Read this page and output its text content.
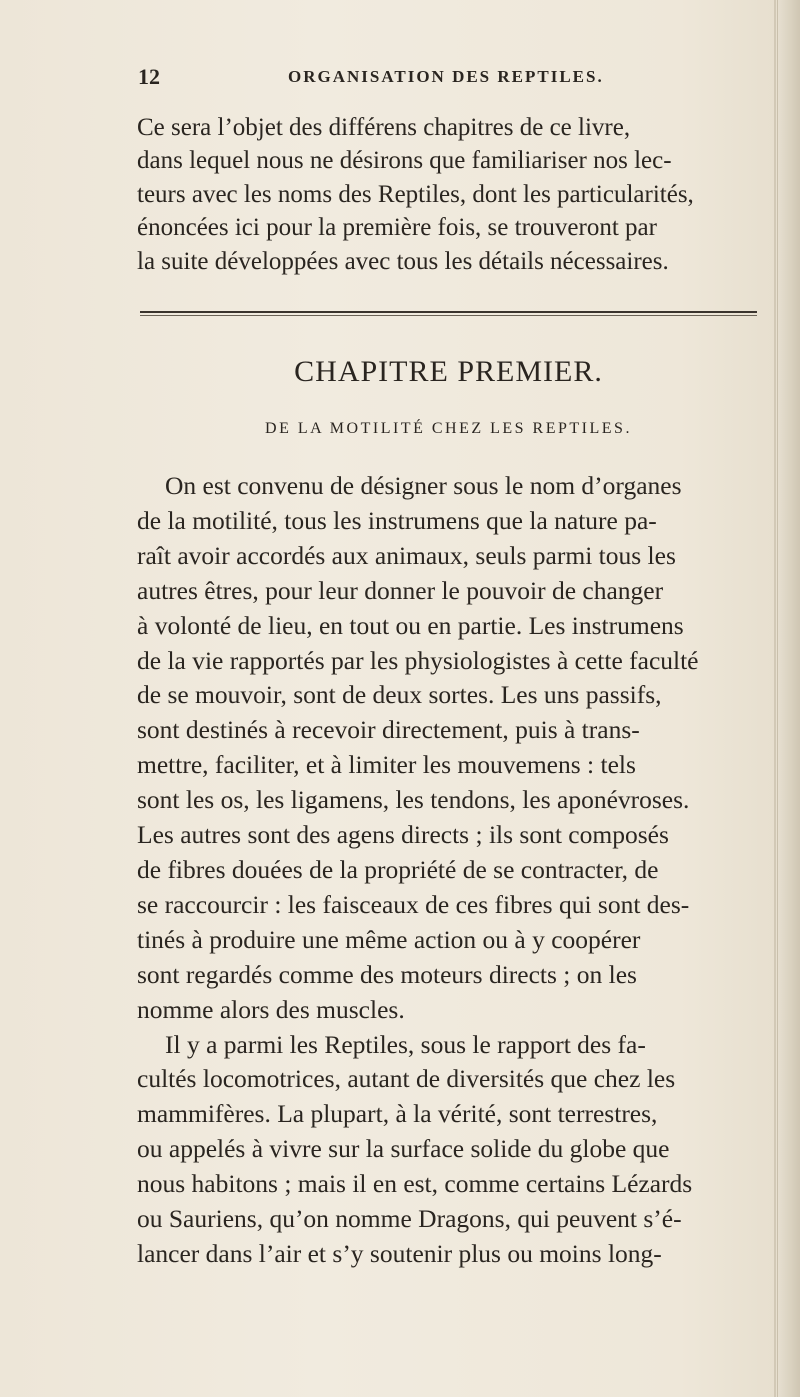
12	ORGANISATION DES REPTILES.
Ce sera l’objet des différens chapitres de ce livre,
dans lequel nous ne désirons que familiariser nos lec-
teurs avec les noms des Reptiles, dont les particularités,
énoncées ici pour la première fois, se trouveront par
la suite développées avec tous les détails nécessaires.
CHAPITRE PREMIER.
DE LA MOTILITÉ CHEZ LES REPTILES.
On est convenu de désigner sous le nom d’organes
de la motilité, tous les instrumens que la nature pa-
raît avoir accordés aux animaux, seuls parmi tous les
autres êtres, pour leur donner le pouvoir de changer
à volonté de lieu, en tout ou en partie. Les instrumens
de la vie rapportés par les physiologistes à cette faculté
de se mouvoir, sont de deux sortes. Les uns passifs,
sont destinés à recevoir directement, puis à trans-
mettre, faciliter, et à limiter les mouvemens : tels
sont les os, les ligamens, les tendons, les aponévroses.
Les autres sont des agens directs ; ils sont composés
de fibres douées de la propriété de se contracter, de
se raccourcir : les faisceaux de ces fibres qui sont des-
tinés à produire une même action ou à y coopérer
sont regardés comme des moteurs directs ; on les
nomme alors des muscles.
Il y a parmi les Reptiles, sous le rapport des fa-
cultés locomotrices, autant de diversités que chez les
mammifères. La plupart, à la vérité, sont terrestres,
ou appelés à vivre sur la surface solide du globe que
nous habitons ; mais il en est, comme certains Lézards
ou Sauriens, qu’on nomme Dragons, qui peuvent s’é-
lancer dans l’air et s’y soutenir plus ou moins long-
